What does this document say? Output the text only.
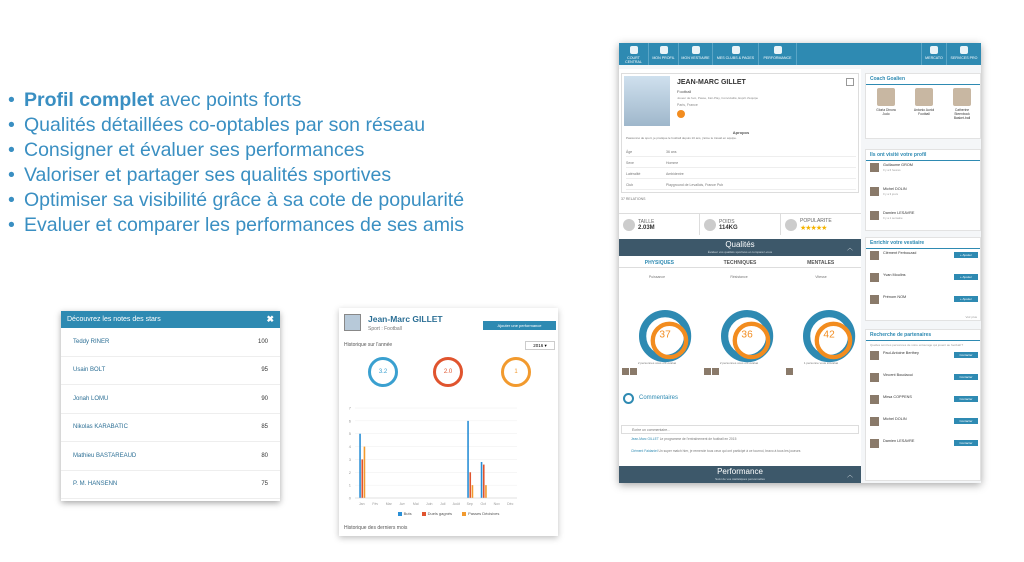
• Profil complet avec points forts
• Qualités détaillées co-optables par son réseau
• Consigner et évaluer ses performances
• Valoriser et partager ses qualités sportives
• Optimiser sa visibilité grâce à sa cote de popularité
• Evaluer et comparer les performances de ses amis
Découvrez les notes des stars	✖
Teddy RINER	100
Usain BOLT	95
Jonah LOMU	90
Nikolas KARABATIC	85
Mathieu BASTAREAUD	80
P. M. HANSENN	75
Jean-Marc GILLET
Sport : Football
Ajouter une performance
Historique sur l'année	2016 ▾
3.2	2.0	1
7
6
5
4
3
2
1
0
Jan Fév Mar Avr Mai Juin Juil Août Sep Oct Nov Déc
Buts	Duels gagnés	Passes Décisives
Historique des derniers mois
COURT CENTRAL
MON PROFIL	MON VESTIAIRE	MES CLUBS & PAGES	PERFORMANCE	MERCATO	SERVICES PRO
JEAN-MARC GILLET
Football
Joueur de foot, Passe, Fair-Play, Convivialité, Esprit d'équipe
Paris, France
Apropos
Passionné de sport, je pratique le football depuis 10 ans, j'aime le travail en équipe.
Âge	36 ans
Sexe	Homme
Latéralité	Ambidextre
Club	Playground de Levallois, France Pub
37 RELATIONS
TAILLE
2.03M
POIDS
114KG
POPULARITE
★★★★★
Qualités
Évaluer vos qualités sportives et comparez-vous	︿
PHYSIQUES	TECHNIQUES	MENTALES
Puissance	Résistance	Vitesse
37	36	42
2 personnes vous ont évalué	2 personnes vous ont évalué	1 personne vous a évalué
Commentaires
Écrire un commentaire...
Jean-Marc GILLET Le programme de l'entraînement de football en 2015
Clément Faidaniel Un super match hier, je remercie tous ceux qui ont participé à ce tournoi, bravo à tous les joueurs
Performance
Suivi de vos statistiques personnelles	︿
Coach Goalien
Gloria Dinora
Judo
Antonio Auriol
Football
Catherine Steenbock
Basket-ball
Ils ont visité votre profil
Guillaume GROM
Il y a 6 heures
Michel DOLIN
Il y a 3 jours
Damien LESAVRE
Il y a 1 semaine
Enrichir votre vestiaire
Clément Ferbouzad	+ Ajouter
Yvan Moulins	+ Ajouter
Prénom NOM	+ Ajouter
Voir plus
Recherche de partenaires
Quelles sont les personnes de votre entourage qui jouent au football ?
Paul-Antoine Berthey	Contacter
Vincent Boudaoui	Contacter
Mirsa COPPENS	Contacter
Michel DOLIN	Contacter
Damien LESAVRE	Contacter
